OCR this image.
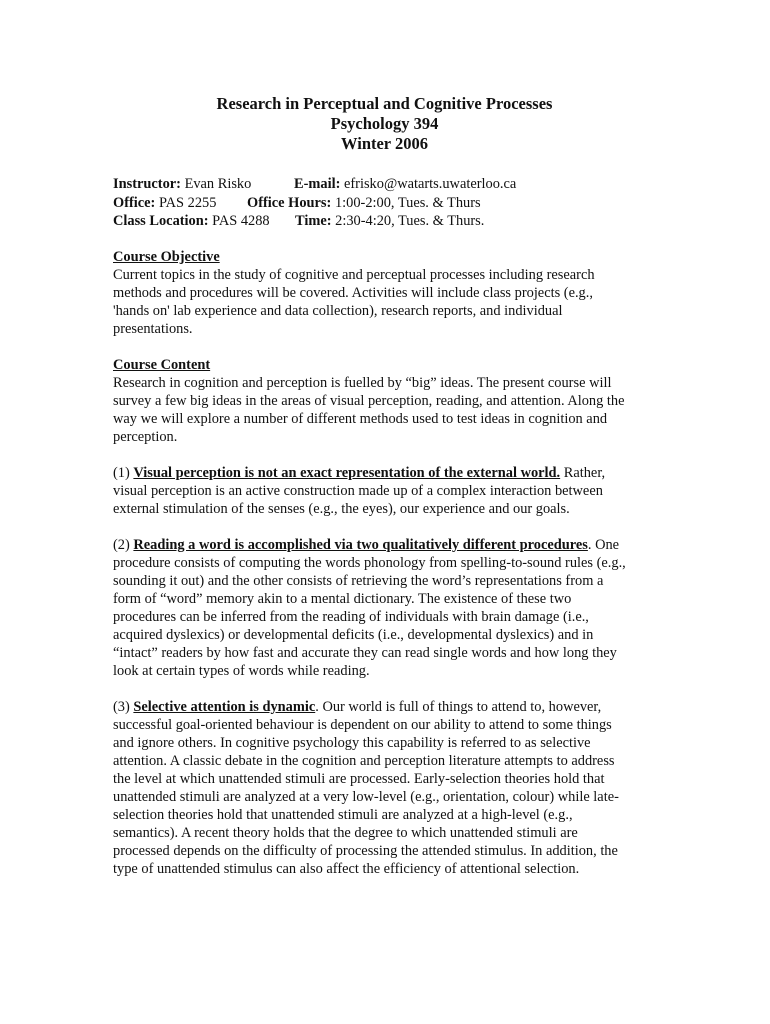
Research in Perceptual and Cognitive Processes
Psychology 394
Winter 2006
Instructor: Evan Risko	E-mail: efrisko@watarts.uwaterloo.ca
Office: PAS 2255 Office Hours: 1:00-2:00, Tues. & Thurs
Class Location: PAS 4288 Time: 2:30-4:20, Tues. & Thurs.
Course Objective

Current topics in the study of cognitive and perceptual processes including research
methods and procedures will be covered. Activities will include class projects (e.g.,
'hands on' lab experience and data collection), research reports, and individual
presentations.

Course Content

Research in cognition and perception is fuelled by “big” ideas. The present course will
survey a few big ideas in the areas of visual perception, reading, and attention. Along the
way we will explore a number of different methods used to test ideas in cognition and
perception.

(1) Visual perception is not an exact representation of the external world. Rather,
visual perception is an active construction made up of a complex interaction between
external stimulation of the senses (e.g., the eyes), our experience and our goals.

(2) Reading a word is accomplished via two qualitatively different procedures. One
procedure consists of computing the words phonology from spelling-to-sound rules (e.g.,
sounding it out) and the other consists of retrieving the word’s representations from a
form of “word” memory akin to a mental dictionary. The existence of these two
procedures can be inferred from the reading of individuals with brain damage (i.e.,
acquired dyslexics) or developmental deficits (i.e., developmental dyslexics) and in
“intact” readers by how fast and accurate they can read single words and how long they
look at certain types of words while reading.

(3) Selective attention is dynamic. Our world is full of things to attend to, however,
successful goal-oriented behaviour is dependent on our ability to attend to some things
and ignore others. In cognitive psychology this capability is referred to as selective
attention. A classic debate in the cognition and perception literature attempts to address
the level at which unattended stimuli are processed. Early-selection theories hold that
unattended stimuli are analyzed at a very low-level (e.g., orientation, colour) while late-
selection theories hold that unattended stimuli are analyzed at a high-level (e.g.,
semantics). A recent theory holds that the degree to which unattended stimuli are
processed depends on the difficulty of processing the attended stimulus. In addition, the
type of unattended stimulus can also affect the efficiency of attentional selection.
